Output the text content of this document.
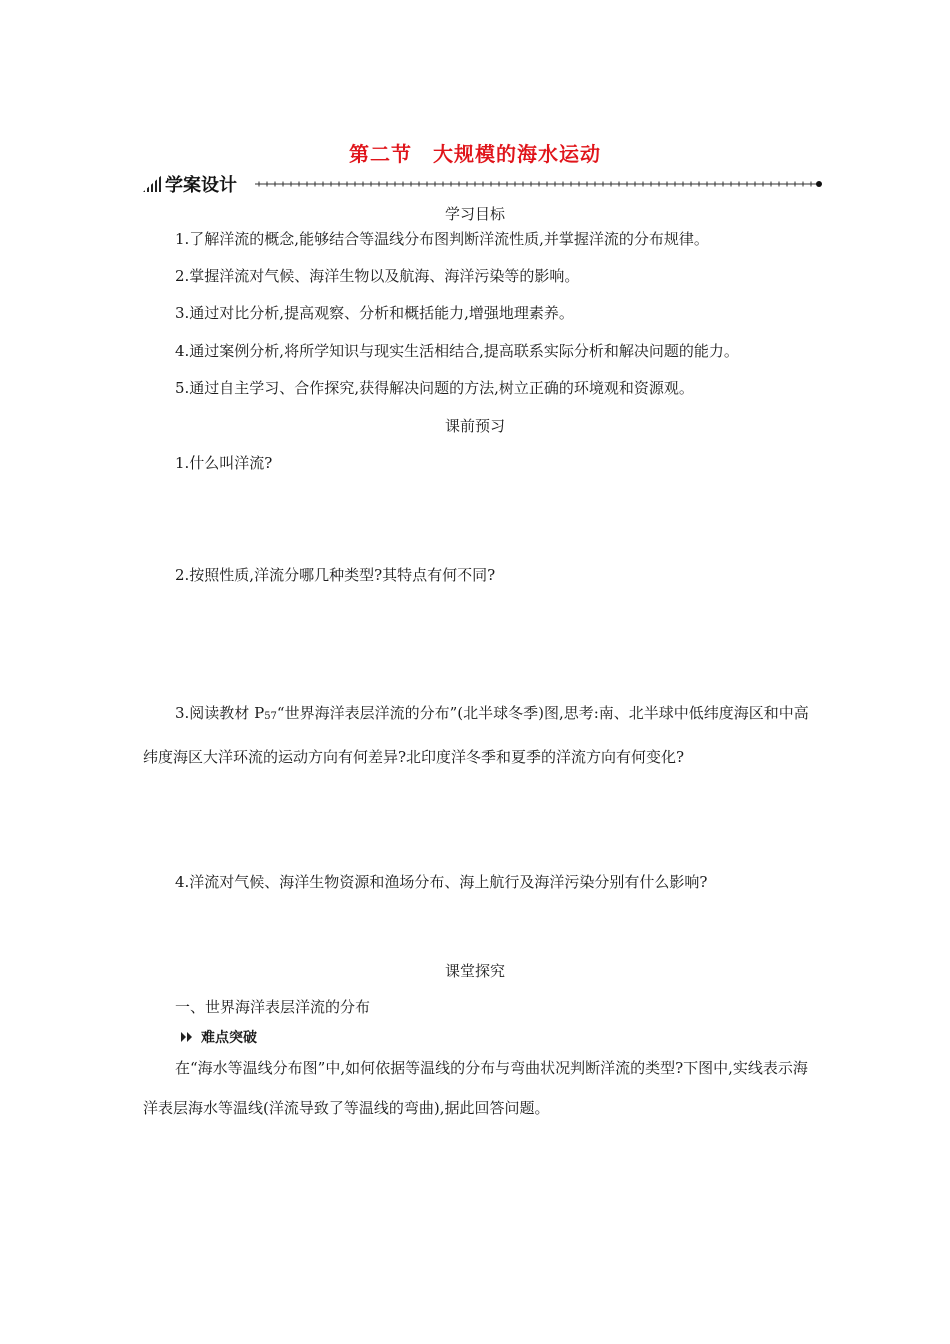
第二节　大规模的海水运动
学案设计
学习目标
1.了解洋流的概念,能够结合等温线分布图判断洋流性质,并掌握洋流的分布规律。
2.掌握洋流对气候、海洋生物以及航海、海洋污染等的影响。
3.通过对比分析,提高观察、分析和概括能力,增强地理素养。
4.通过案例分析,将所学知识与现实生活相结合,提高联系实际分析和解决问题的能力。
5.通过自主学习、合作探究,获得解决问题的方法,树立正确的环境观和资源观。
课前预习
1.什么叫洋流?
2.按照性质,洋流分哪几种类型?其特点有何不同?
3.阅读教材 P57“世界海洋表层洋流的分布”(北半球冬季)图,思考:南、北半球中低纬度海区和中高纬度海区大洋环流的运动方向有何差异?北印度洋冬季和夏季的洋流方向有何变化?
4.洋流对气候、海洋生物资源和渔场分布、海上航行及海洋污染分别有什么影响?
课堂探究
一、世界海洋表层洋流的分布
难点突破
在“海水等温线分布图”中,如何依据等温线的分布与弯曲状况判断洋流的类型?下图中,实线表示海洋表层海水等温线(洋流导致了等温线的弯曲),据此回答问题。
